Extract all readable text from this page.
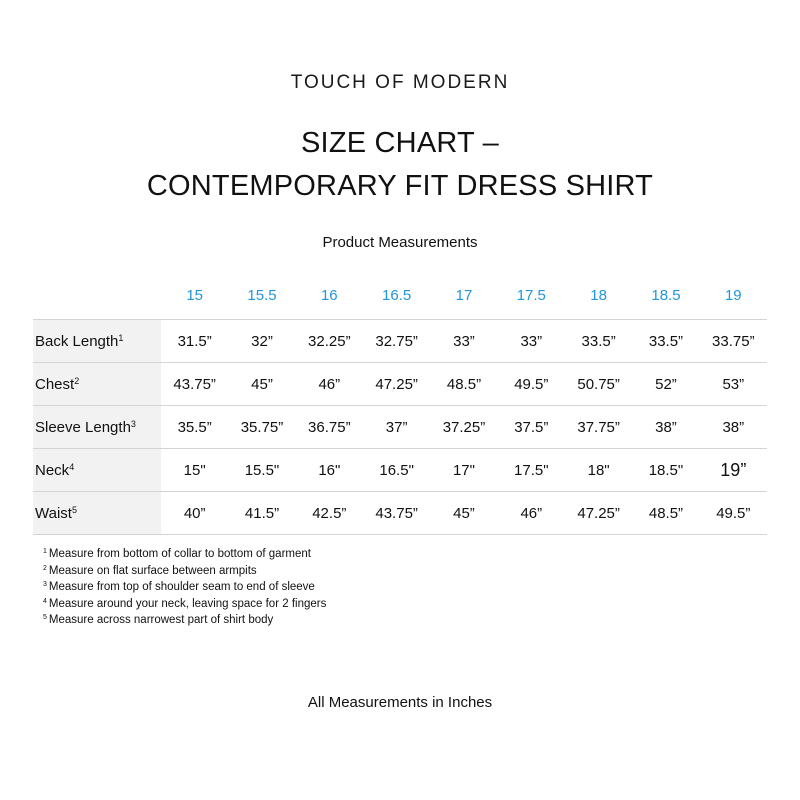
TOUCH OF MODERN
SIZE CHART –
CONTEMPORARY FIT DRESS SHIRT
Product Measurements
	15	15.5	16	16.5	17	17.5	18	18.5	19
Back Length$^1$	31.5”	32”	32.25”	32.75”	33”	33”	33.5”	33.5”	33.75”
Chest$^2$	43.75”	45”	46”	47.25”	48.5”	49.5”	50.75”	52”	53”
Sleeve Length$^3$	35.5”	35.75”	36.75”	37”	37.25”	37.5”	37.75”	38”	38”
Neck$^4$	15"	15.5"	16"	16.5"	17"	17.5"	18"	18.5"	19”
Waist$^5$	40”	41.5”	42.5”	43.75”	45”	46”	47.25”	48.5”	49.5”
$^1$ Measure from bottom of collar to bottom of garment
$^2$ Measure on flat surface between armpits
$^3$ Measure from top of shoulder seam to end of sleeve
$^4$ Measure around your neck, leaving space for 2 fingers
$^5$ Measure across narrowest part of shirt body
All Measurements in Inches
